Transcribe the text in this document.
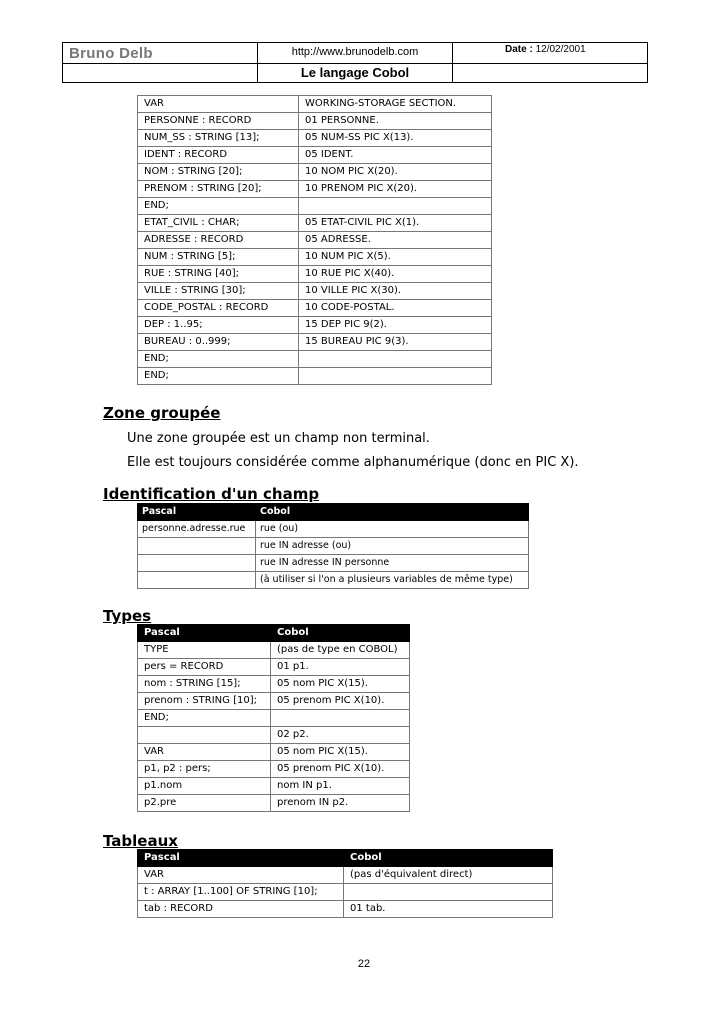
Bruno Delb	http://www.brunodelb.com	Date : 12/02/2001

	Le langage Cobol	
VAR	WORKING-STORAGE SECTION.
PERSONNE : RECORD	01 PERSONNE.
NUM_SS : STRING [13];	05 NUM-SS PIC X(13).
IDENT : RECORD	05 IDENT.
NOM : STRING [20];	10 NOM PIC X(20).
PRENOM : STRING [20];	10 PRENOM PIC X(20).
END;	
ETAT_CIVIL : CHAR;	05 ETAT-CIVIL PIC X(1).
ADRESSE : RECORD	05 ADRESSE.
NUM : STRING [5];	10 NUM PIC X(5).
RUE : STRING [40];	10 RUE PIC X(40).
VILLE : STRING [30];	10 VILLE PIC X(30).
CODE_POSTAL : RECORD	10 CODE-POSTAL.
DEP : 1..95;	15 DEP PIC 9(2).
BUREAU : 0..999;	15 BUREAU PIC 9(3).
END;	
END;	
Zone groupée
Une zone groupée est un champ non terminal.
Elle est toujours considérée comme alphanumérique (donc en PIC X).
Identification d'un champ
Pascal	Cobol
personne.adresse.rue	rue (ou)
	rue IN adresse (ou)
	rue IN adresse IN personne
	(à utiliser si l'on a plusieurs variables de même type)
Types
Pascal	Cobol
TYPE	(pas de type en COBOL)
pers = RECORD	01 p1.
nom : STRING [15];	05 nom PIC X(15).
prenom : STRING [10];	05 prenom PIC X(10).
END;	
	02 p2.
VAR	05 nom PIC X(15).
p1, p2 : pers;	05 prenom PIC X(10).
p1.nom	nom IN p1.
p2.pre	prenom IN p2.
Tableaux
Pascal	Cobol
VAR	(pas d'équivalent direct)
t : ARRAY [1..100] OF STRING [10];	
tab : RECORD	01 tab.
22
